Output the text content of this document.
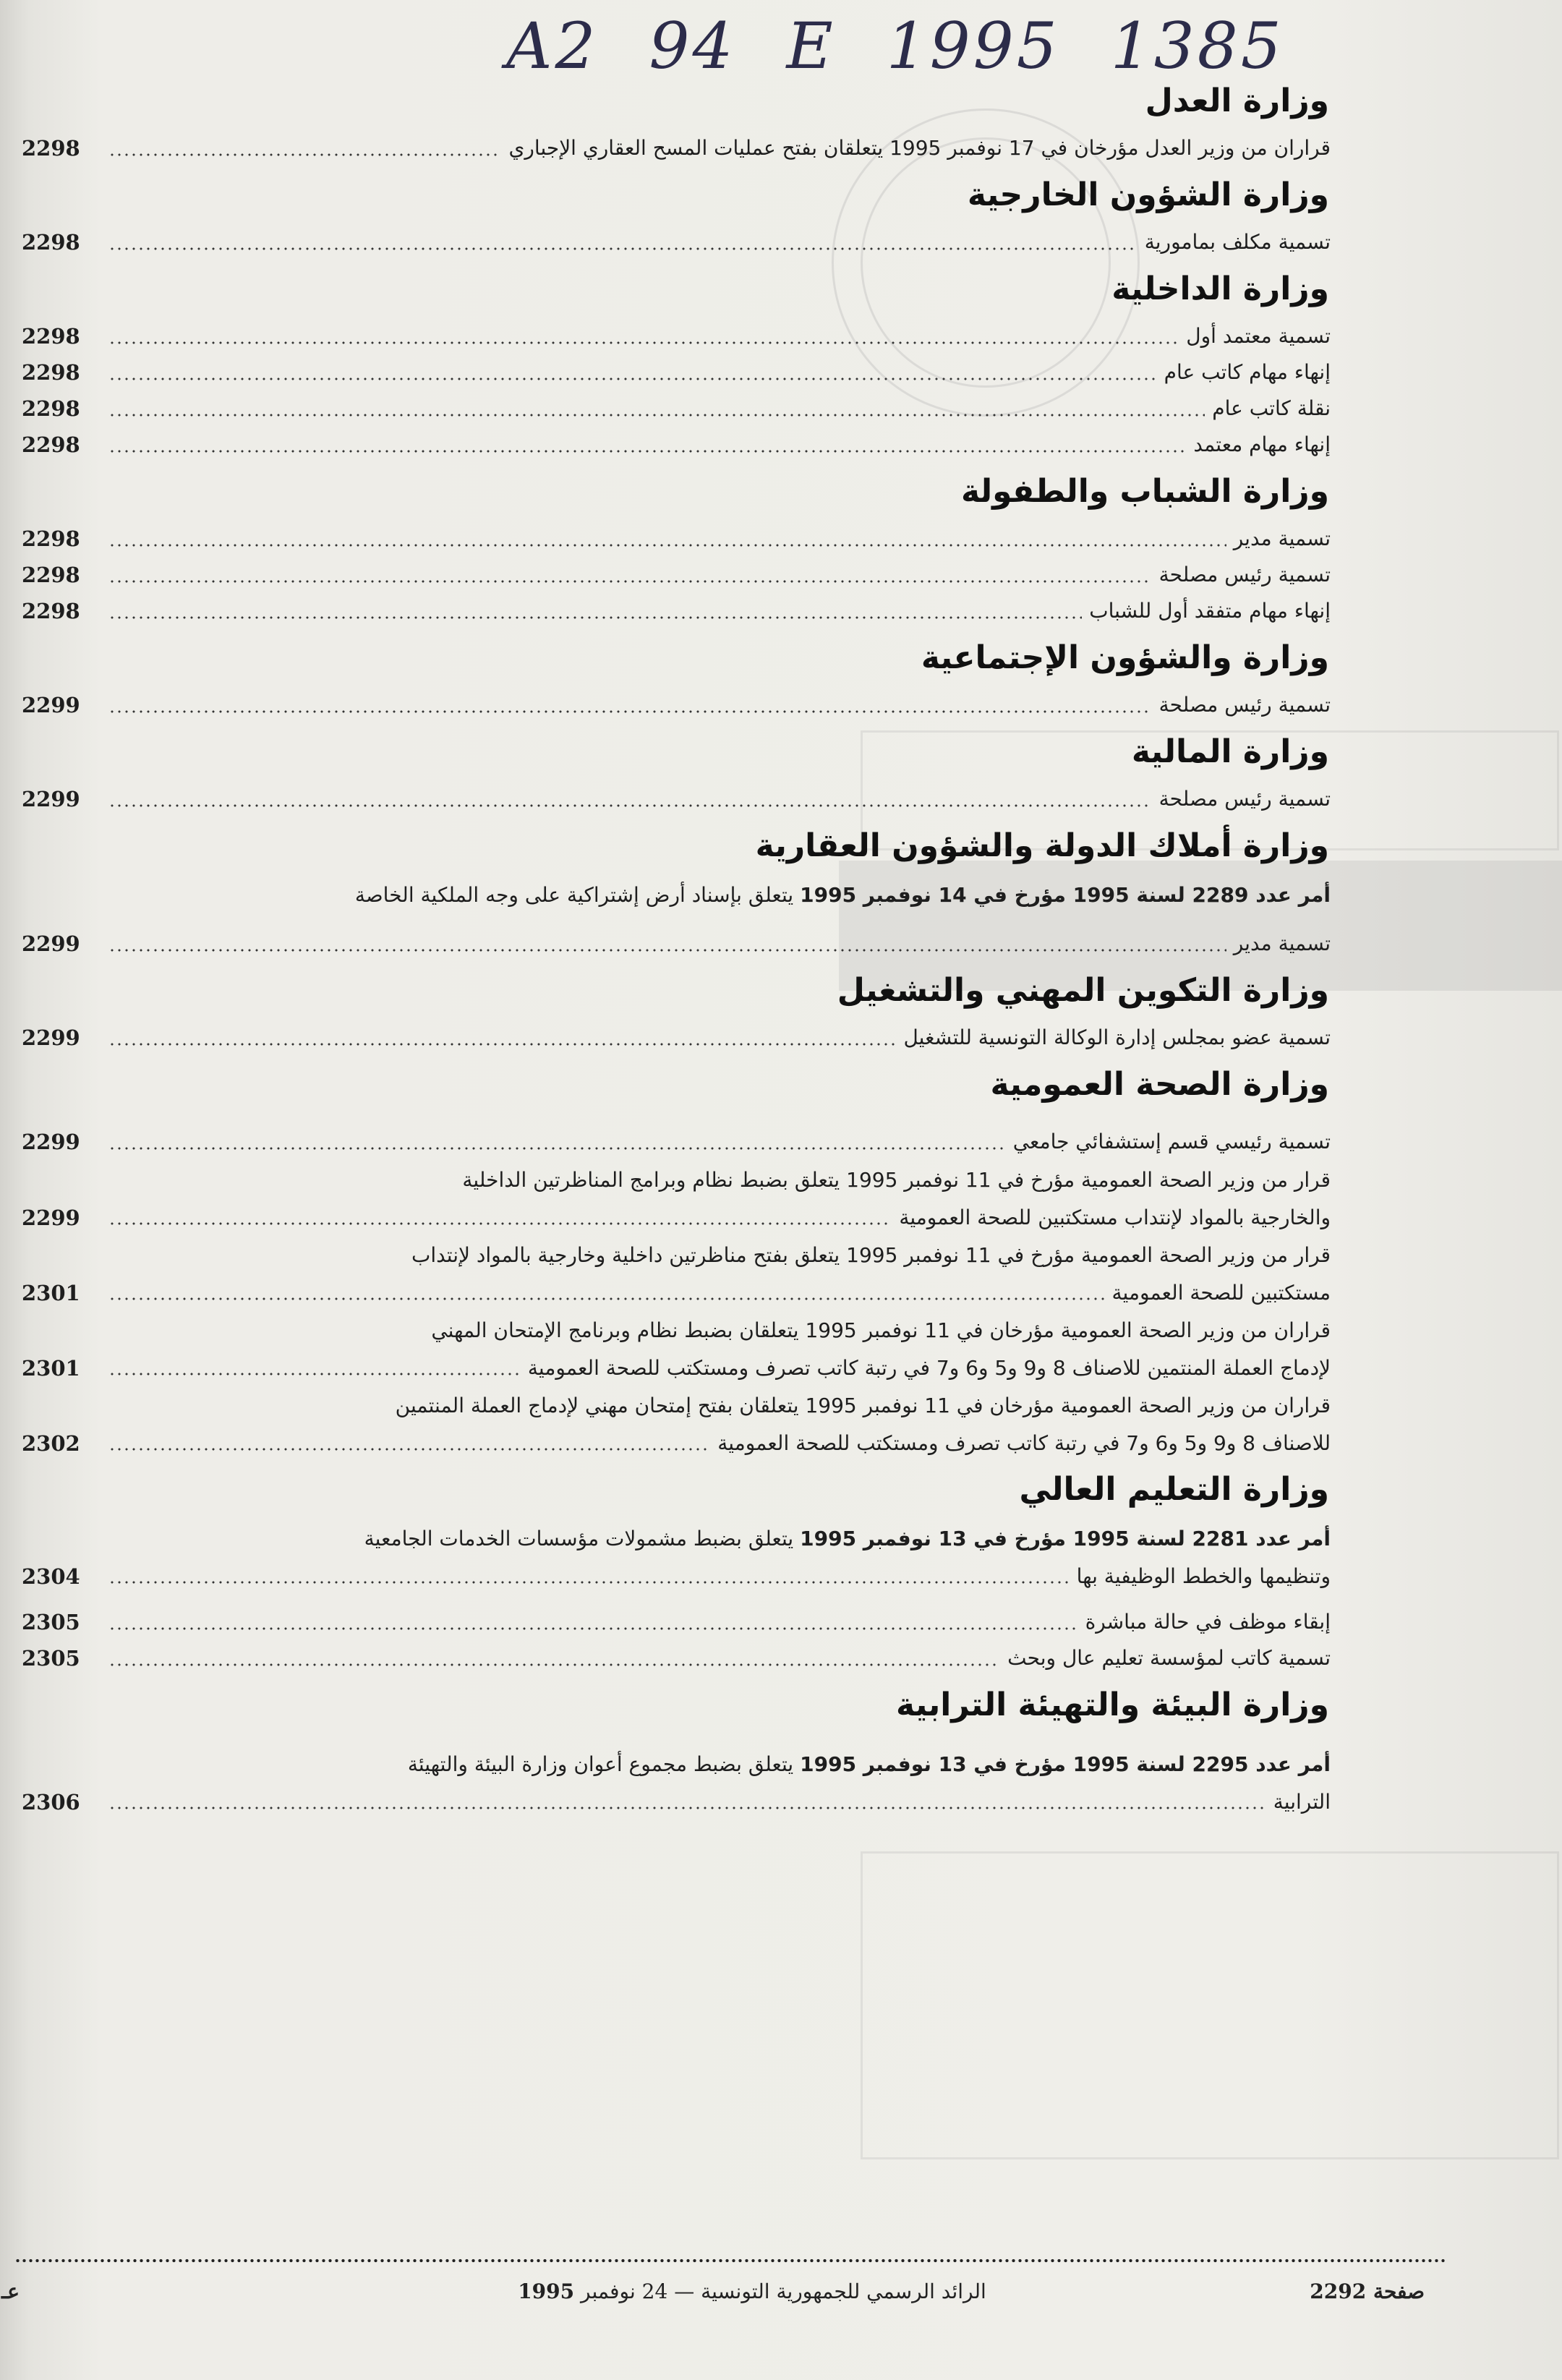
A2 94 E 1995 1385
وزارة العدل
قراران من وزير العدل مؤرخان في 17 نوفمبر 1995 يتعلقان بفتح عمليات المسح العقاري الإجباري
2298
وزارة الشؤون الخارجية
تسمية مكلف بمامورية
2298
وزارة الداخلية
تسمية معتمد أول
2298
إنهاء مهام كاتب عام
2298
نقلة كاتب عام
2298
إنهاء مهام معتمد
2298
وزارة الشباب والطفولة
تسمية مدير
2298
تسمية رئيس مصلحة
2298
إنهاء مهام متفقد أول للشباب
2298
وزارة والشؤون الإجتماعية
تسمية رئيس مصلحة
2299
وزارة المالية
تسمية رئيس مصلحة
2299
وزارة أملاك الدولة والشؤون العقارية
أمر عدد 2289 لسنة 1995 مؤرخ في 14 نوفمبر 1995 يتعلق بإسناد أرض إشتراكية على وجه الملكية الخاصة
تسمية مدير
2299
وزارة التكوين المهني والتشغيل
تسمية عضو بمجلس إدارة الوكالة التونسية للتشغيل
2299
وزارة الصحة العمومية
تسمية رئيسي قسم إستشفائي جامعي
2299
قرار من وزير الصحة العمومية مؤرخ في 11 نوفمبر 1995 يتعلق بضبط نظام وبرامج المناظرتين الداخلية
والخارجية بالمواد لإنتداب مستكتبين للصحة العمومية
2299
قرار من وزير الصحة العمومية مؤرخ في 11 نوفمبر 1995 يتعلق بفتح مناظرتين داخلية وخارجية بالمواد لإنتداب
مستكتبين للصحة العمومية
2301
قراران من وزير الصحة العمومية مؤرخان في 11 نوفمبر 1995 يتعلقان بضبط نظام وبرنامج الإمتحان المهني
لإدماج العملة المنتمين للاصناف 8 و9 و5 و6 و7 في رتبة كاتب تصرف ومستكتب للصحة العمومية
2301
قراران من وزير الصحة العمومية مؤرخان في 11 نوفمبر 1995 يتعلقان بفتح إمتحان مهني لإدماج العملة المنتمين
للاصناف 8 و9 و5 و6 و7 في رتبة كاتب تصرف ومستكتب للصحة العمومية
2302
وزارة التعليم العالي
أمر عدد 2281 لسنة 1995 مؤرخ في 13 نوفمبر 1995 يتعلق بضبط مشمولات مؤسسات الخدمات الجامعية
وتنظيمها والخطط الوظيفية بها
2304
إبقاء موظف في حالة مباشرة
2305
تسمية كاتب لمؤسسة تعليم عال وبحث
2305
وزارة البيئة والتهيئة الترابية
أمر عدد 2295 لسنة 1995 مؤرخ في 13 نوفمبر 1995 يتعلق بضبط مجموع أعوان وزارة البيئة والتهيئة
الترابية
2306
عـ	الرائد الرسمي للجمهورية التونسية — 24 نوفمبر 1995	صفحة 2292
